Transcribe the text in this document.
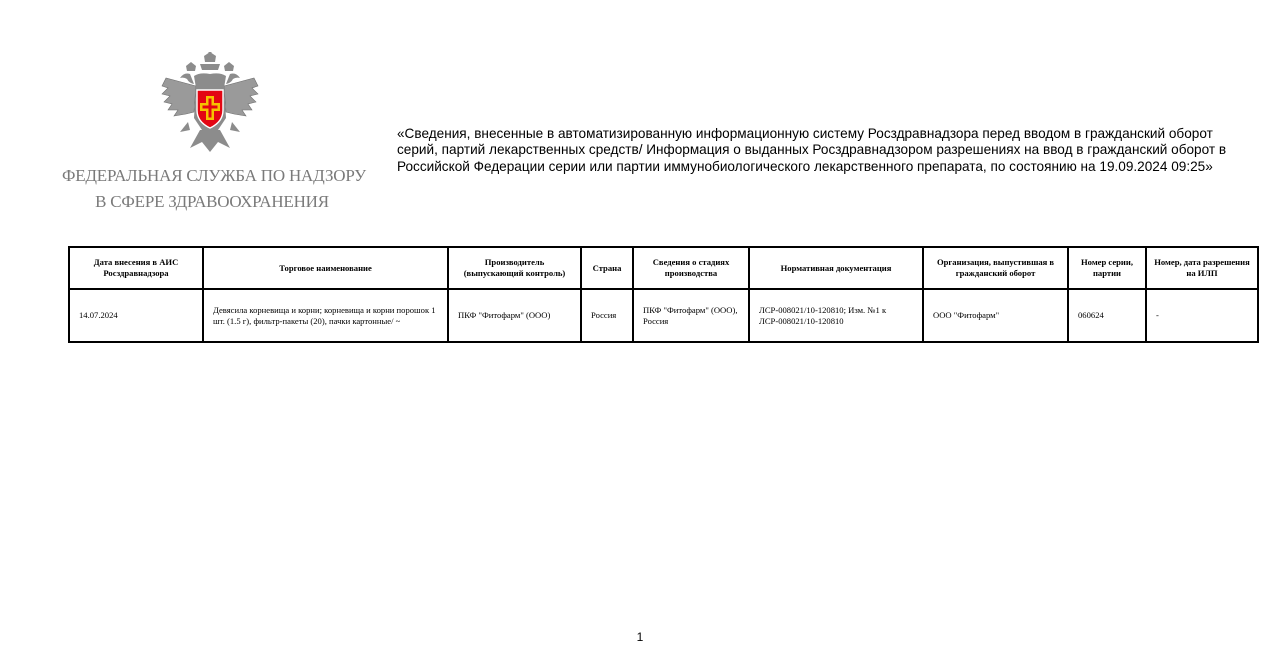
ФЕДЕРАЛЬНАЯ СЛУЖБА ПО НАДЗОРУ
В СФЕРЕ ЗДРАВООХРАНЕНИЯ
«Сведения, внесенные в автоматизированную информационную систему Росздравнадзора перед вводом в гражданский оборот серий, партий лекарственных средств/ Информация о выданных Росздравнадзором разрешениях на ввод в гражданский оборот в Российской Федерации серии или партии иммунобиологического лекарственного препарата, по состоянию на 19.09.2024 09:25»
Дата внесения в АИС Росздравнадзора	Торговое наименование	Производитель (выпускающий контроль)	Страна	Сведения о стадиях производства	Нормативная документация	Организация, выпустившая в гражданский оборот	Номер серии, партии	Номер, дата разрешения на ИЛП
14.07.2024	Девясила корневища и корни; корневища и корни порошок 1 шт. (1.5 г), фильтр-пакеты (20), пачки картонные/ ~	ПКФ "Фитофарм" (ООО)	Россия	ПКФ "Фитофарм" (ООО), Россия	ЛСР-008021/10-120810; Изм. №1 к ЛСР-008021/10-120810	ООО "Фитофарм"	060624	-
1
